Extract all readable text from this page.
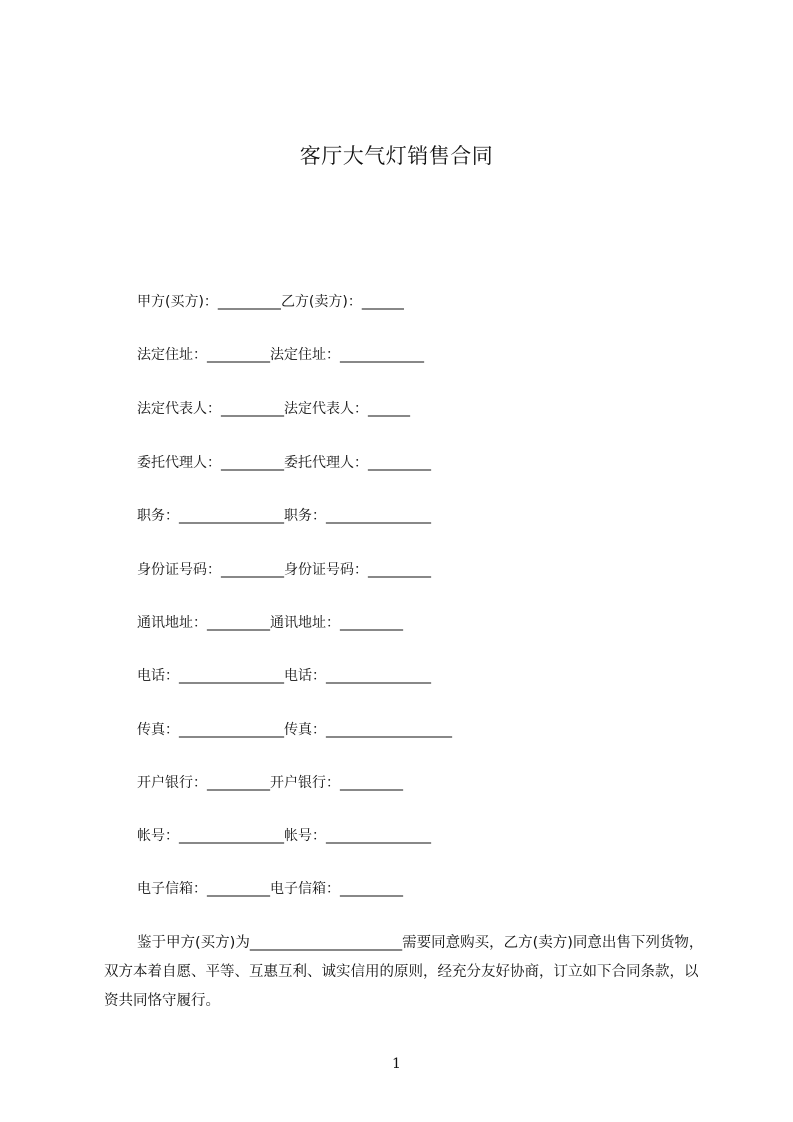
客厅大气灯销售合同
甲方(买方)：_________乙方(卖方)：______
法定住址：_________法定住址：____________
法定代表人：_________法定代表人：______
委托代理人：_________委托代理人：_________
职务：_______________职务：_______________
身份证号码：_________身份证号码：_________
通讯地址：_________通讯地址：_________
电话：_______________电话：_______________
传真：_______________传真：__________________
开户银行：_________开户银行：_________
帐号：_______________帐号：_______________
电子信箱：_________电子信箱：_________

鉴于甲方(买方)为_____________________需要同意购买，乙方(卖方)同意出售下列货物，双方本着自愿、平等、互惠互利、诚实信用的原则，经充分友好协商，订立如下合同条款，以资共同恪守履行。

1
